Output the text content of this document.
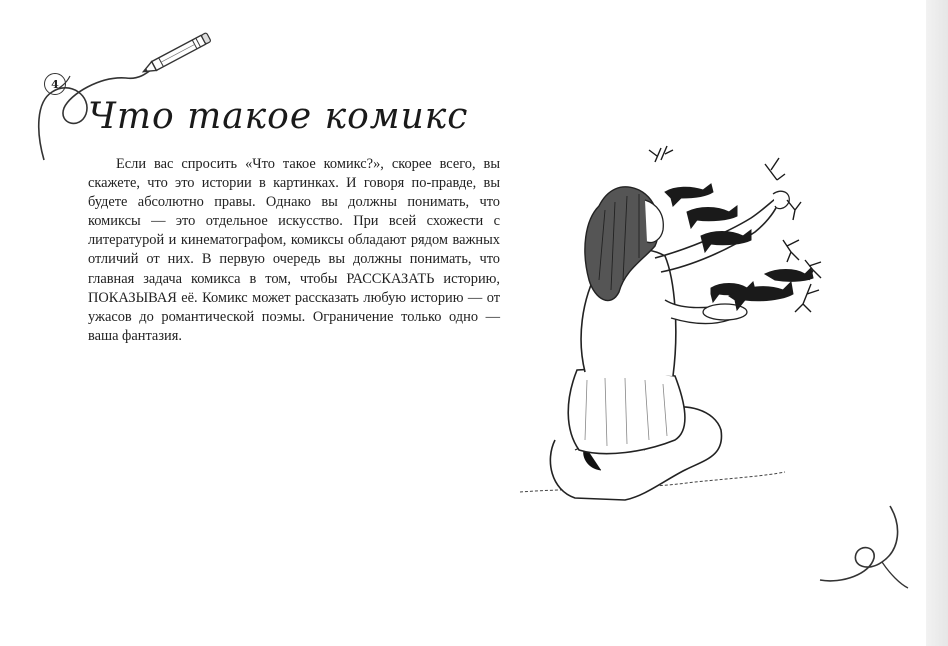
4
Что такое комикс

Если вас спросить «Что такое комикс?», скорее всего, вы скажете, что это истории в картинках. И говоря по-правде, вы будете абсолютно правы. Однако вы должны понимать, что комиксы — это отдельное искусство. При всей схожести с литературой и кинематографом, комиксы обладают рядом важных отличий от них. В первую очередь вы должны понимать, что главная задача комикса в том, чтобы РАССКАЗАТЬ историю, ПОКАЗЫВАЯ её. Комикс может рассказать любую историю — от ужасов до романтической поэмы. Ограничение только одно — ваша фантазия.
